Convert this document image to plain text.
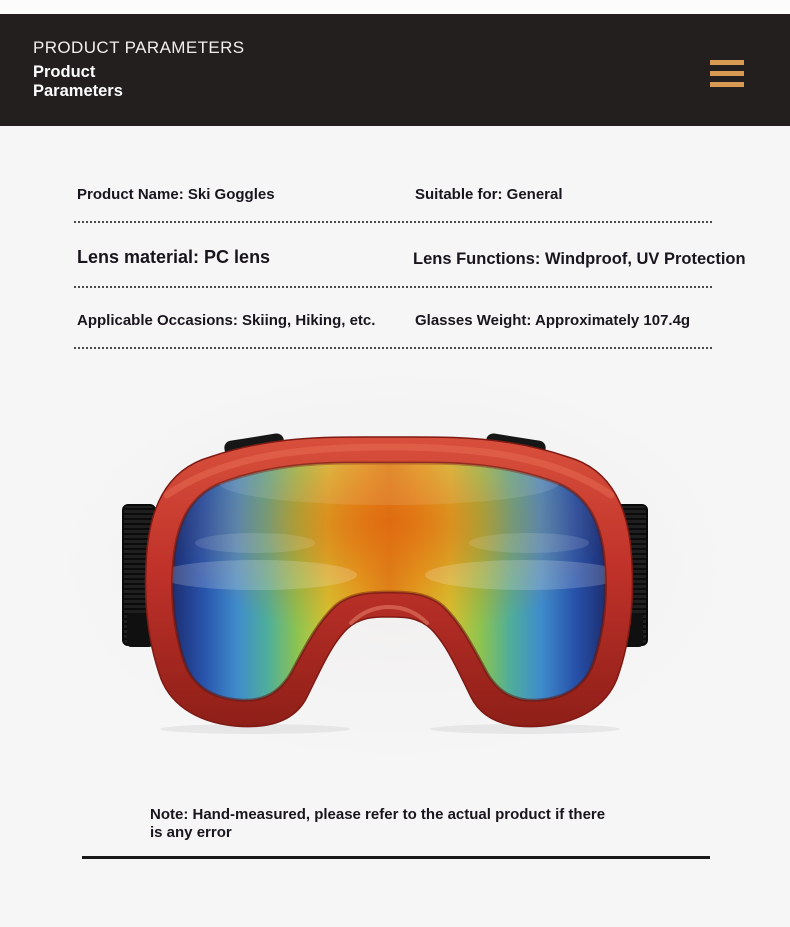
PRODUCT PARAMETERS
Product
Parameters
Product Name: Ski Goggles	Suitable for: General
Lens material: PC lens	Lens Functions: Windproof, UV Protection
Applicable Occasions: Skiing, Hiking, etc.	Glasses Weight: Approximately 107.4g
Note: Hand-measured, please refer to the actual product if there
is any error
